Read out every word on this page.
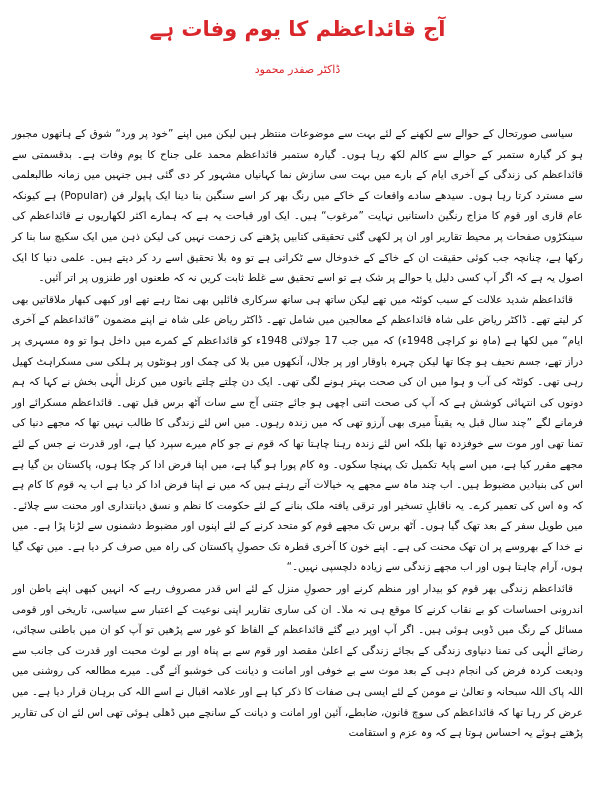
آج قائداعظم کا یوم وفات ہے
ڈاکٹر صفدر محمود

سیاسی صورتحال کے حوالے سے لکھنے کے لئے بہت سے موضوعات منتظر ہیں لیکن میں اپنے ”خود پر ورد“ شوق کے ہاتھوں مجبور ہو کر گیارہ ستمبر کے حوالے سے کالم لکھ رہا ہوں۔ گیارہ ستمبر قائداعظم محمد علی جناح کا یوم وفات ہے۔ بدقسمتی سے قائداعظم کی زندگی کے آخری ایام کے بارے میں بہت سی سازش نما کہانیاں مشہور کر دی گئی ہیں جنہیں میں زمانہ طالبعلمی سے مسترد کرتا رہا ہوں۔ سیدھے سادے واقعات کے خاکے میں رنگ بھر کر اسے سنگین بنا دینا ایک پاپولر فن (Popular) ہے کیونکہ عام قاری اور قوم کا مزاج رنگین داستانیں نہایت ”مرغوب“ ہیں۔ ایک اور قباحت یہ ہے کہ ہمارے اکثر لکھاریوں نے قائداعظم کی سینکڑوں صفحات پر محیط تقاریر اور ان پر لکھی گئی تحقیقی کتابیں پڑھنے کی زحمت نہیں کی لیکن ذہن میں ایک سکیچ سا بنا کر رکھا ہے، چنانچہ جب کوئی حقیقت ان کے خاکے کے خدوخال سے ٹکراتی ہے تو وہ بلا تحقیق اسے رد کر دیتے ہیں۔ علمی دنیا کا ایک اصول یہ ہے کہ اگر آپ کسی دلیل یا حوالے پر شک ہے تو اسے تحقیق سے غلط ثابت کریں نہ کہ طعنوں اور طنزوں پر اتر آئیں۔

قائداعظم شدید علالت کے سبب کوئٹہ میں تھے لیکن ساتھ ہی ساتھ سرکاری فائلیں بھی نمٹا رہے تھے اور کبھی کبھار ملاقاتیں بھی کر لیتے تھے۔ ڈاکٹر ریاض علی شاہ قائداعظم کے معالجین میں شامل تھے۔ ڈاکٹر ریاض علی شاہ نے اپنے مضمون ”قائداعظم کے آخری ایام“ میں لکھا ہے (ماہِ نو کراچی 1948ء) کہ میں جب 17 جولائی 1948ء کو قائداعظم کے کمرے میں داخل ہوا تو وہ مسہری پر دراز تھے، جسم نحیف ہو چکا تھا لیکن چہرہ باوقار اور پر جلال، آنکھوں میں بلا کی چمک اور ہونٹوں پر ہلکی سی مسکراہٹ کھیل رہی تھی۔ کوئٹہ کی آب و ہوا میں ان کی صحت بہتر ہونے لگی تھی۔ ایک دن چلتے چلتے باتوں میں کرنل الٰہی بخش نے کہا کہ ہم دونوں کی انتہائی کوشش ہے کہ آپ کی صحت اتنی اچھی ہو جائے جتنی آج سے سات آٹھ برس قبل تھی۔ قائداعظم مسکرائے اور فرمانے لگے ”چند سال قبل یہ یقیناً میری بھی آرزو تھی کہ میں زندہ رہوں۔ میں اس لئے زندگی کا طالب نہیں تھا کہ مجھے دنیا کی تمنا تھی اور موت سے خوفزدہ تھا بلکہ اس لئے زندہ رہنا چاہتا تھا کہ قوم نے جو کام میرے سپرد کیا ہے، اور قدرت نے جس کے لئے مجھے مقرر کیا ہے، میں اسے پایۂ تکمیل تک پہنچا سکوں۔ وہ کام پورا ہو گیا ہے، میں اپنا فرض ادا کر چکا ہوں، پاکستان بن گیا ہے اس کی بنیادیں مضبوط ہیں۔ اب چند ماہ سے مجھے یہ خیالات آتے رہتے ہیں کہ میں نے اپنا فرض ادا کر دیا ہے اب یہ قوم کا کام ہے کہ وہ اس کی تعمیر کرے۔ یہ ناقابلِ تسخیر اور ترقی یافتہ ملک بنانے کے لئے حکومت کا نظم و نسق دیانتداری اور محنت سے چلائے۔ میں طویل سفر کے بعد تھک گیا ہوں۔ آٹھ برس تک مجھے قوم کو متحد کرنے کے لئے اپنوں اور مضبوط دشمنوں سے لڑنا پڑا ہے۔ میں نے خدا کے بھروسے پر ان تھک محنت کی ہے۔ اپنے خون کا آخری قطرہ تک حصولِ پاکستان کی راہ میں صرف کر دیا ہے۔ میں تھک گیا ہوں، آرام چاہتا ہوں اور اب مجھے زندگی سے زیادہ دلچسپی نہیں۔“

قائداعظم زندگی بھر قوم کو بیدار اور منظم کرنے اور حصولِ منزل کے لئے اس قدر مصروف رہے کہ انہیں کبھی اپنے باطن اور اندرونی احساسات کو بے نقاب کرنے کا موقع ہی نہ ملا۔ ان کی ساری تقاریر اپنی نوعیت کے اعتبار سے سیاسی، تاریخی اور قومی مسائل کے رنگ میں ڈوبی ہوئی ہیں۔ اگر آپ اوپر دیے گئے قائداعظم کے الفاظ کو غور سے پڑھیں تو آپ کو ان میں باطنی سچائی، رضائے الٰہی کی تمنا دنیاوی زندگی کے بجائے زندگی کے اعلیٰ مقصد اور قوم سے بے پناہ اور بے لوث محبت اور قدرت کی جانب سے ودیعت کردہ فرض کی انجام دہی کے بعد موت سے بے خوفی اور امانت و دیانت کی خوشبو آئے گی۔ میرے مطالعہ کی روشنی میں اللہ پاک اللہ سبحانہ و تعالیٰ نے مومن کے لئے ایسی ہی صفات کا ذکر کیا ہے اور علامہ اقبال نے اسے اللہ کی برہان قرار دیا ہے۔ میں عرض کر رہا تھا کہ قائداعظم کی سوچ قانون، ضابطے، آئین اور امانت و دیانت کے سانچے میں ڈھلی ہوئی تھی اس لئے ان کی تقاریر پڑھتے ہوئے یہ احساس ہوتا ہے کہ وہ عزم و استقامت
